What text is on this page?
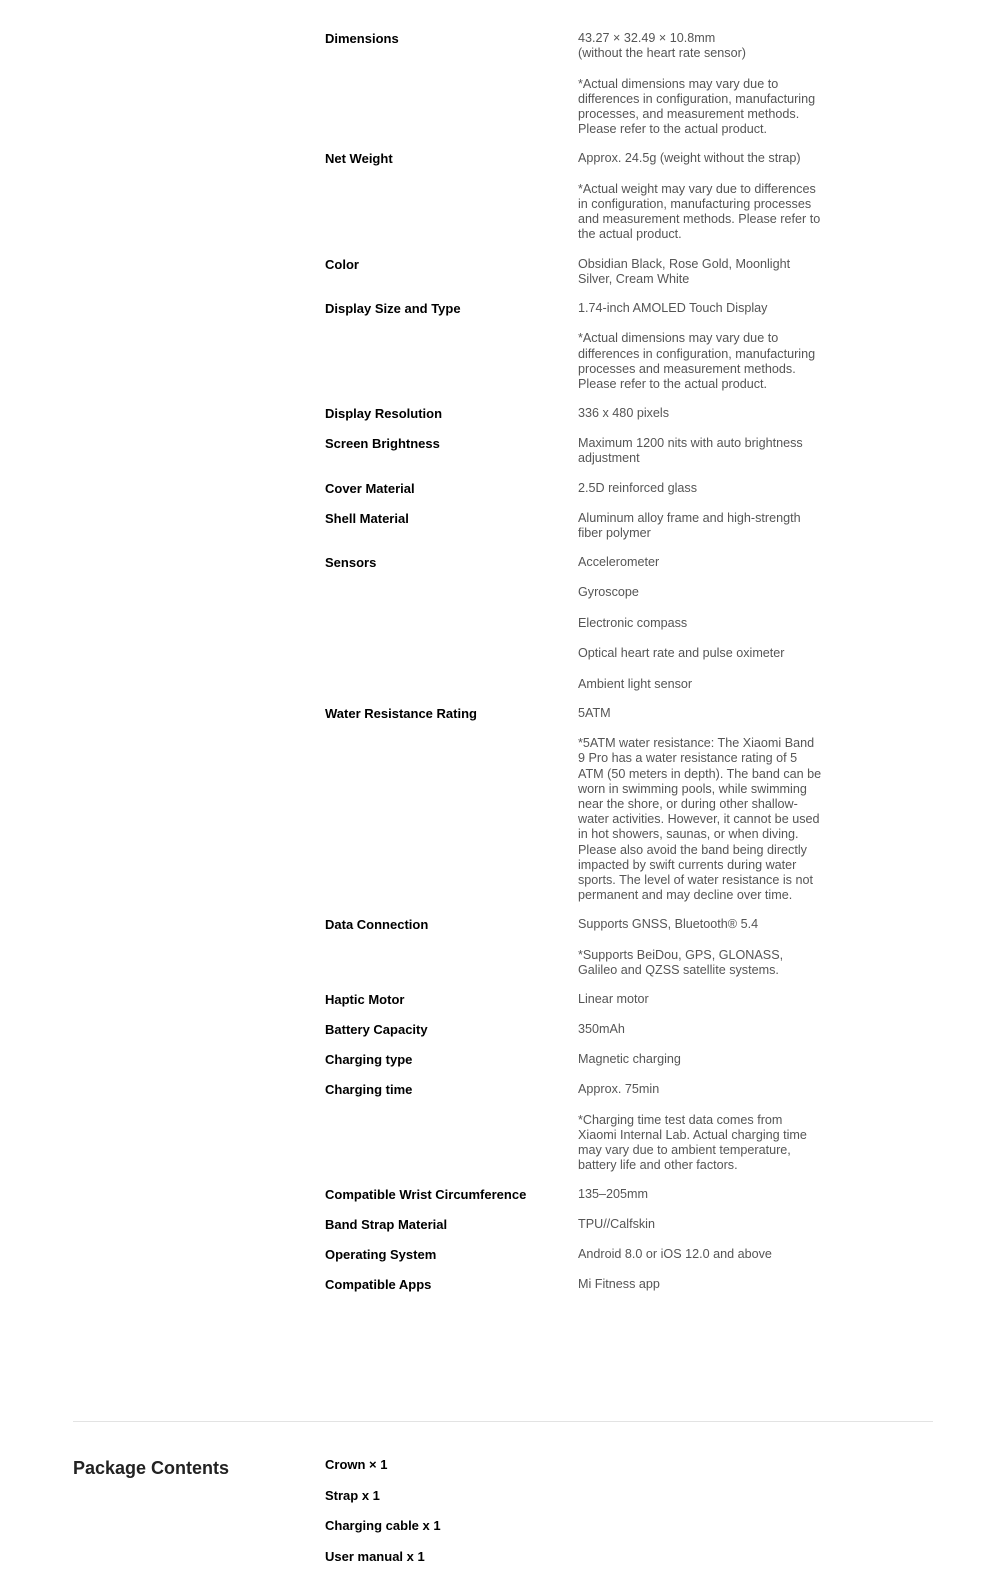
Dimensions	43.27 × 32.49 × 10.8mm
(without the heart rate sensor)
*Actual dimensions may vary due to differences in configuration, manufacturing processes, and measurement methods. Please refer to the actual product.
Net Weight	Approx. 24.5g (weight without the strap)
*Actual weight may vary due to differences in configuration, manufacturing processes and measurement methods. Please refer to the actual product.
Color	Obsidian Black, Rose Gold, Moonlight Silver, Cream White
Display Size and Type	1.74-inch AMOLED Touch Display
*Actual dimensions may vary due to differences in configuration, manufacturing processes and measurement methods. Please refer to the actual product.
Display Resolution	336 x 480 pixels
Screen Brightness	Maximum 1200 nits with auto brightness adjustment
Cover Material	2.5D reinforced glass
Shell Material	Aluminum alloy frame and high-strength fiber polymer
Sensors	Accelerometer
Gyroscope
Electronic compass
Optical heart rate and pulse oximeter
Ambient light sensor
Water Resistance Rating	5ATM
*5ATM water resistance: The Xiaomi Band 9 Pro has a water resistance rating of 5 ATM (50 meters in depth). The band can be worn in swimming pools, while swimming near the shore, or during other shallow-water activities. However, it cannot be used in hot showers, saunas, or when diving. Please also avoid the band being directly impacted by swift currents during water sports. The level of water resistance is not permanent and may decline over time.
Data Connection	Supports GNSS, Bluetooth® 5.4
*Supports BeiDou, GPS, GLONASS, Galileo and QZSS satellite systems.
Haptic Motor	Linear motor
Battery Capacity	350mAh
Charging type	Magnetic charging
Charging time	Approx. 75min
*Charging time test data comes from Xiaomi Internal Lab. Actual charging time may vary due to ambient temperature, battery life and other factors.
Compatible Wrist Circumference	135–205mm
Band Strap Material	TPU//Calfskin
Operating System	Android 8.0 or iOS 12.0 and above
Compatible Apps	Mi Fitness app
Package Contents	Crown × 1
Strap x 1
Charging cable x 1
User manual x 1
